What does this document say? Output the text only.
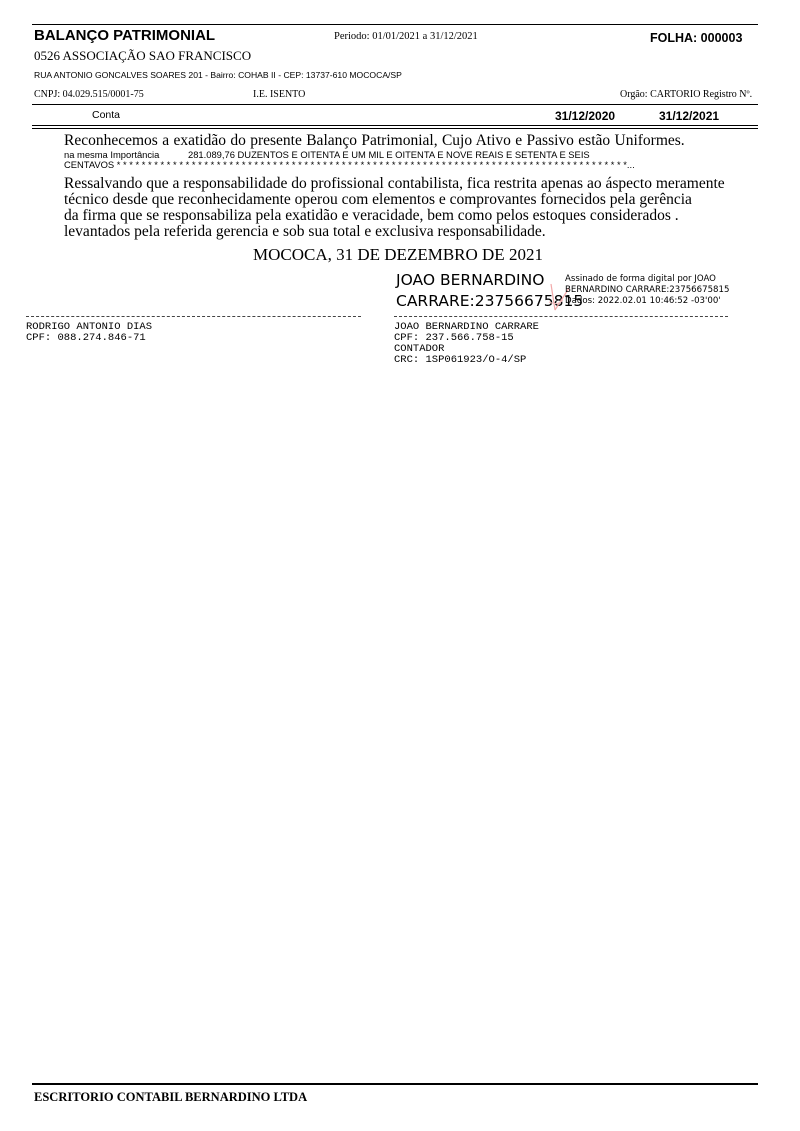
BALANÇO PATRIMONIAL	Periodo: 01/01/2021 a 31/12/2021	FOLHA: 000003
0526 ASSOCIAÇÃO SAO FRANCISCO
RUA ANTONIO GONCALVES SOARES 201 - Bairro: COHAB II - CEP: 13737-610 MOCOCA/SP
CNPJ: 04.029.515/0001-75	I.E. ISENTO	Orgão: CARTORIO Registro Nº.
Conta	31/12/2020	31/12/2021
Reconhecemos a exatidão do presente Balanço Patrimonial, Cujo Ativo e Passivo estão Uniformes.
na mesma Importância	281.089,76 DUZENTOS E OITENTA E UM MIL E OITENTA E NOVE REAIS E SETENTA E SEIS
CENTAVOS * * * * * * * * * * * * * * * * * * * * * * * * * * * * * * * * * * * * * * * * * * * * * * * * * * * * * * * * * * * * * * * * * * * * * * * * * * * * * * * * * *...
Ressalvando que a responsabilidade do profissional contabilista, fica restrita apenas ao áspecto meramente
técnico desde que reconhecidamente operou com elementos e comprovantes fornecidos pela gerência
da firma que se responsabiliza pela exatidão e veracidade, bem como pelos estoques considerados .
levantados pela referida gerencia e sob sua total e exclusiva responsabilidade.
MOCOCA, 31 DE DEZEMBRO DE 2021
JOAO BERNARDINO
CARRARE:23756675815
Assinado de forma digital por JOAO
BERNARDINO CARRARE:23756675815
Dados: 2022.02.01 10:46:52 -03'00'
RODRIGO ANTONIO DIAS
CPF: 088.274.846-71
JOAO BERNARDINO CARRARE
CPF: 237.566.758-15
CONTADOR
CRC: 1SP061923/O-4/SP
ESCRITORIO CONTABIL BERNARDINO LTDA
